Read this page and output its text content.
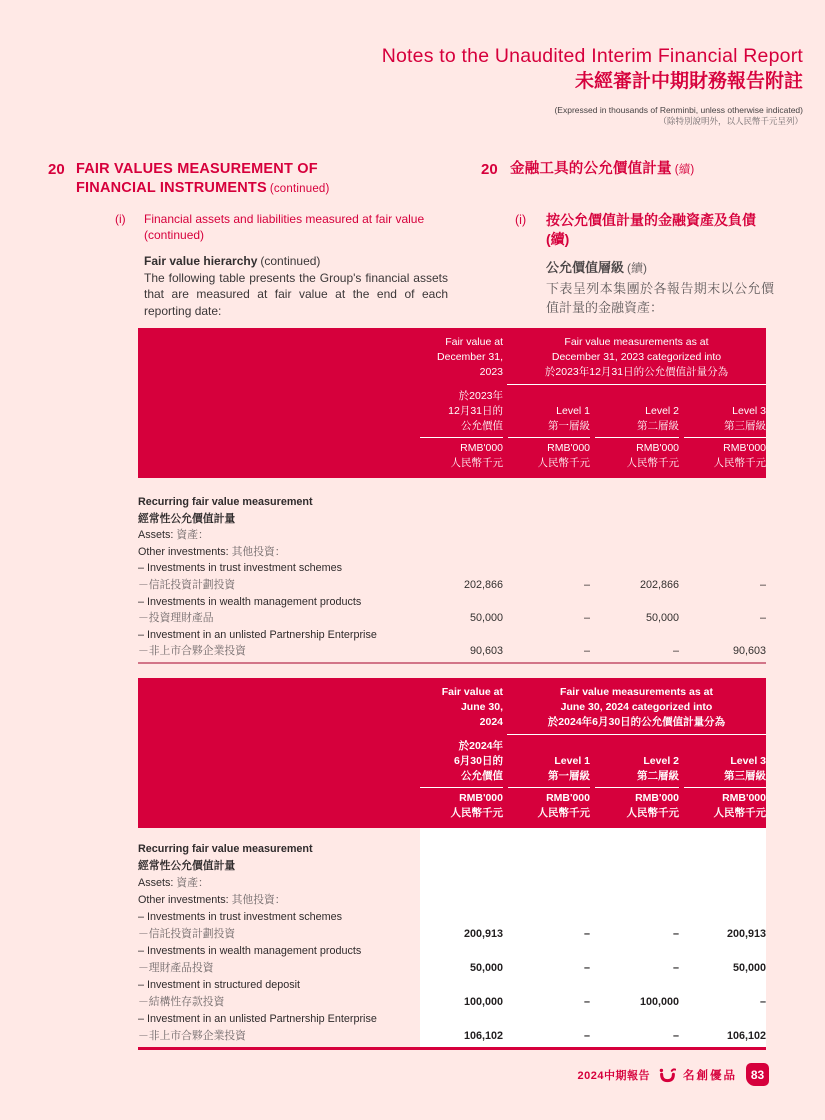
Notes to the Unaudited Interim Financial Report
未經審計中期財務報告附註
(Expressed in thousands of Renminbi, unless otherwise indicated)
（除特別說明外，以人民幣千元呈列）
20 FAIR VALUES MEASUREMENT OF
FINANCIAL INSTRUMENTS (continued)
(i)	Financial assets and liabilities measured at fair value (continued)
Fair value hierarchy (continued)
The following table presents the Group's financial assets that are measured at fair value at the end of each reporting date:
20 金融工具的公允價值計量 (續)
(i)	按公允價值計量的金融資產及負債
(續)
公允價值層級 (續)
下表呈列本集團於各報告期末以公允價值計量的金融資產：
Fair value at
December 31,
2023
Fair value measurements as at
December 31, 2023 categorized into
於2023年12月31日的公允價值計量分為
於2023年
12月31日的
公允價值
Level 1
第一層級
Level 2
第二層級
Level 3
第三層級
RMB'000
人民幣千元
RMB'000
人民幣千元
RMB'000
人民幣千元
RMB'000
人民幣千元
Recurring fair value measurement
經常性公允價值計量
Assets: 資產：
Other investments: 其他投資：
– Investments in trust investment schemes
－信託投資計劃投資	202,866	–	202,866	–
– Investments in wealth management products
－投資理財產品	50,000	–	50,000	–
– Investment in an unlisted Partnership Enterprise
－非上市合夥企業投資	90,603	–	–	90,603
Fair value at
June 30,
2024
Fair value measurements as at
June 30, 2024 categorized into
於2024年6月30日的公允價值計量分為
於2024年
6月30日的
公允價值
Level 1
第一層級
Level 2
第二層級
Level 3
第三層級
RMB'000
人民幣千元
RMB'000
人民幣千元
RMB'000
人民幣千元
RMB'000
人民幣千元
Recurring fair value measurement
經常性公允價值計量
Assets: 資產：
Other investments: 其他投資：
– Investments in trust investment schemes
－信託投資計劃投資	200,913	–	–	200,913
– Investments in wealth management products
－理財產品投資	50,000	–	–	50,000
– Investment in structured deposit
－結構性存款投資	100,000	–	100,000	–
– Investment in an unlisted Partnership Enterprise
－非上市合夥企業投資	106,102	–	–	106,102
2024中期報告	名創優品	83
